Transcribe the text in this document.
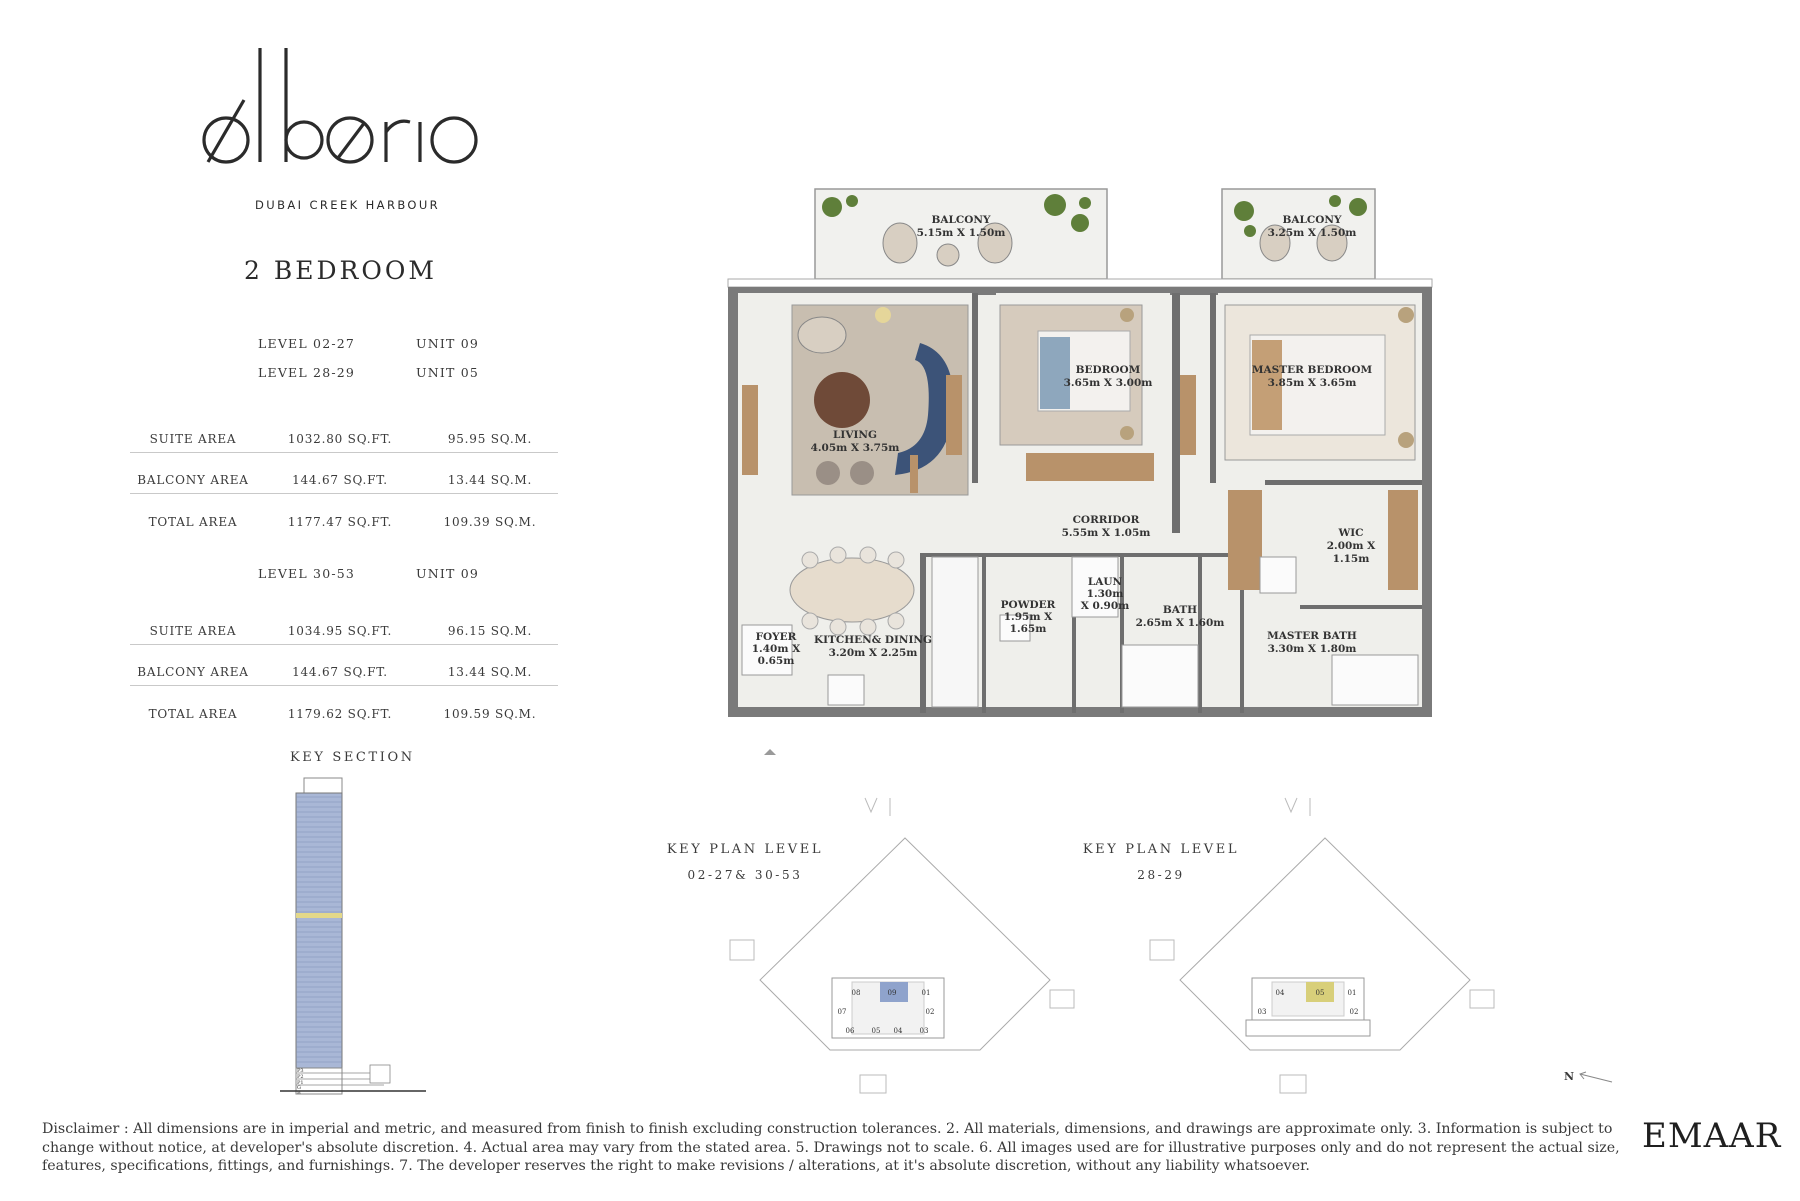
DUBAI CREEK HARBOUR
2 BEDROOM
LEVEL 02-27	UNIT 09
LEVEL 28-29	UNIT 05
SUITE AREA	1032.80 SQ.FT.	95.95 SQ.M.
BALCONY AREA	144.67 SQ.FT.	13.44 SQ.M.
TOTAL AREA	1177.47 SQ.FT.	109.39 SQ.M.
LEVEL 30-53	UNIT 09
SUITE AREA	1034.95 SQ.FT.	96.15 SQ.M.
BALCONY AREA	144.67 SQ.FT.	13.44 SQ.M.
TOTAL AREA	1179.62 SQ.FT.	109.59 SQ.M.
KEY SECTION
P3
P2
P1
G
B
BALCONY
5.15m X 1.50m
BALCONY
3.25m X 1.50m
LIVING
4.05m X 3.75m
BEDROOM
3.65m X 3.00m
MASTER BEDROOM
3.85m X 3.65m
CORRIDOR
5.55m X 1.05m	WIC
2.00m X
1.15m
LAUN
1.30m
X 0.90m
POWDER
1.95m X
1.65m
BATH
2.65m X 1.60m
MASTER BATH
3.30m X 1.80m
FOYER
1.40m X
0.65m
KITCHEN& DINING
3.20m X 2.25m
KEY PLAN LEVEL
02-27& 30-53
08	09	01
07	02
06 05 04 03
KEY PLAN LEVEL
28-29
04	05	01
03	02
N
Disclaimer : All dimensions are in imperial and metric, and measured from finish to finish excluding construction tolerances. 2. All materials, dimensions, and drawings are approximate only. 3. Information is subject to change without notice, at developer's absolute discretion. 4. Actual area may vary from the stated area. 5. Drawings not to scale. 6. All images used are for illustrative purposes only and do not represent the actual size, features, specifications, fittings, and furnishings. 7. The developer reserves the right to make revisions / alterations, at it's absolute discretion, without any liability whatsoever.
EMAAR
